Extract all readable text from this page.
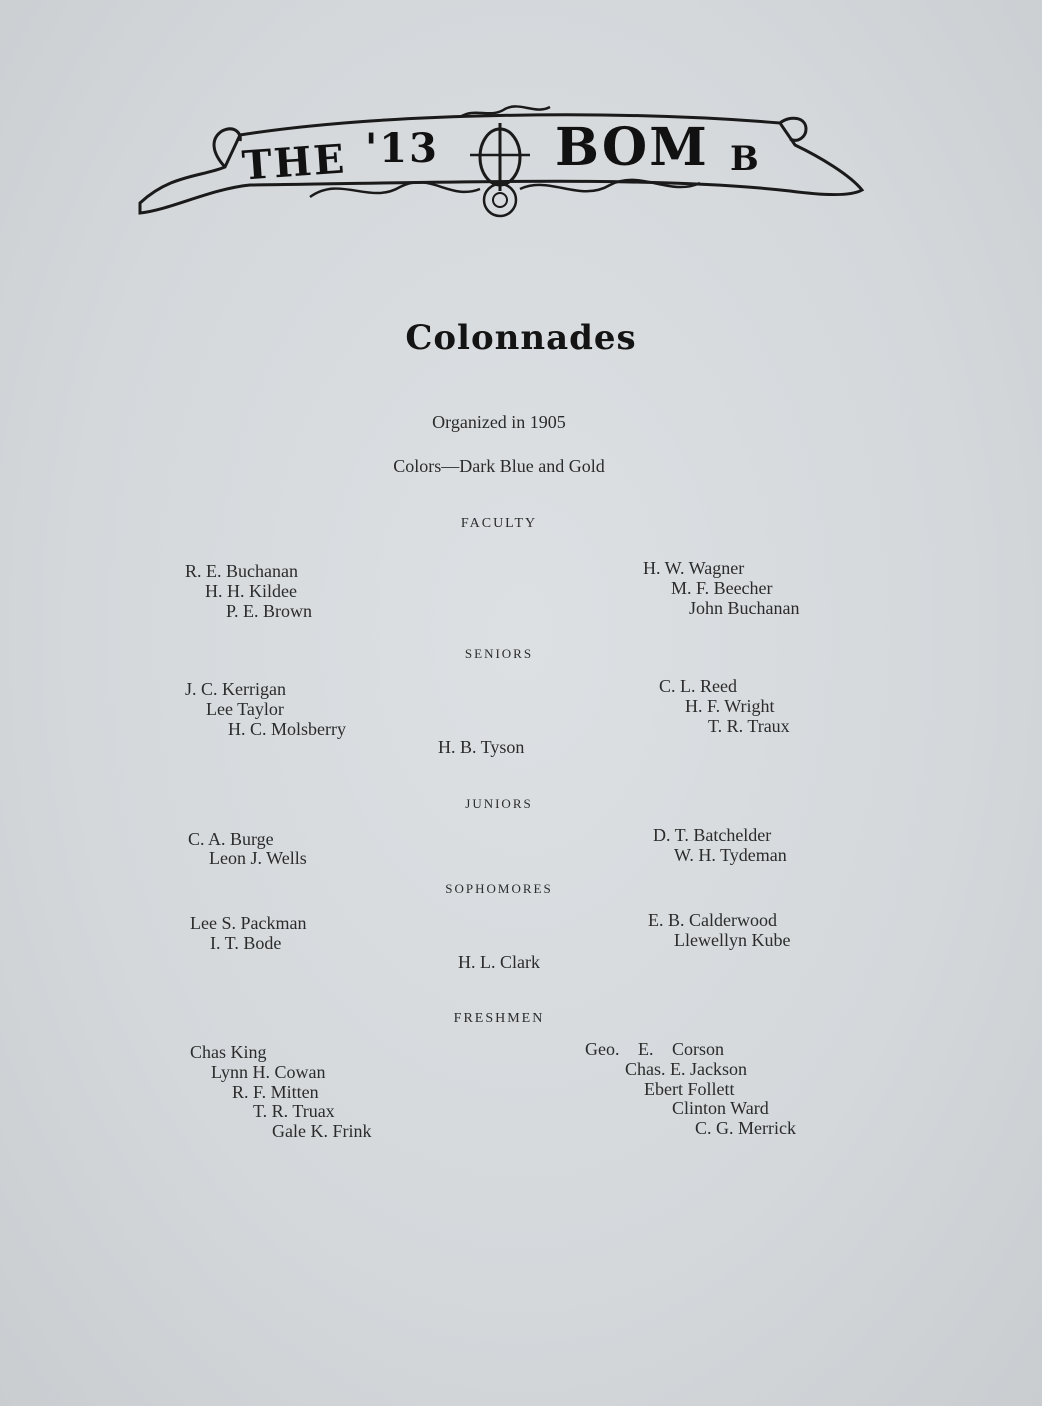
THE '13 BOM B
Colonnades
Organized in 1905
Colors—Dark Blue and Gold
FACULTY
R. E. Buchanan
H. H. Kildee
P. E. Brown
H. W. Wagner
M. F. Beecher
John Buchanan
SENIORS
J. C. Kerrigan
Lee Taylor
H. C. Molsberry
H. B. Tyson
C. L. Reed
H. F. Wright
T. R. Traux
JUNIORS
C. A. Burge
Leon J. Wells
D. T. Batchelder
W. H. Tydeman
SOPHOMORES
Lee S. Packman
I. T. Bode
H. L. Clark
E. B. Calderwood
Llewellyn Kube
FRESHMEN
Chas King
Lynn H. Cowan
R. F. Mitten
T. R. Truax
Gale K. Frink
Geo. E. Corson
Chas. E. Jackson
Ebert Follett
Clinton Ward
C. G. Merrick
